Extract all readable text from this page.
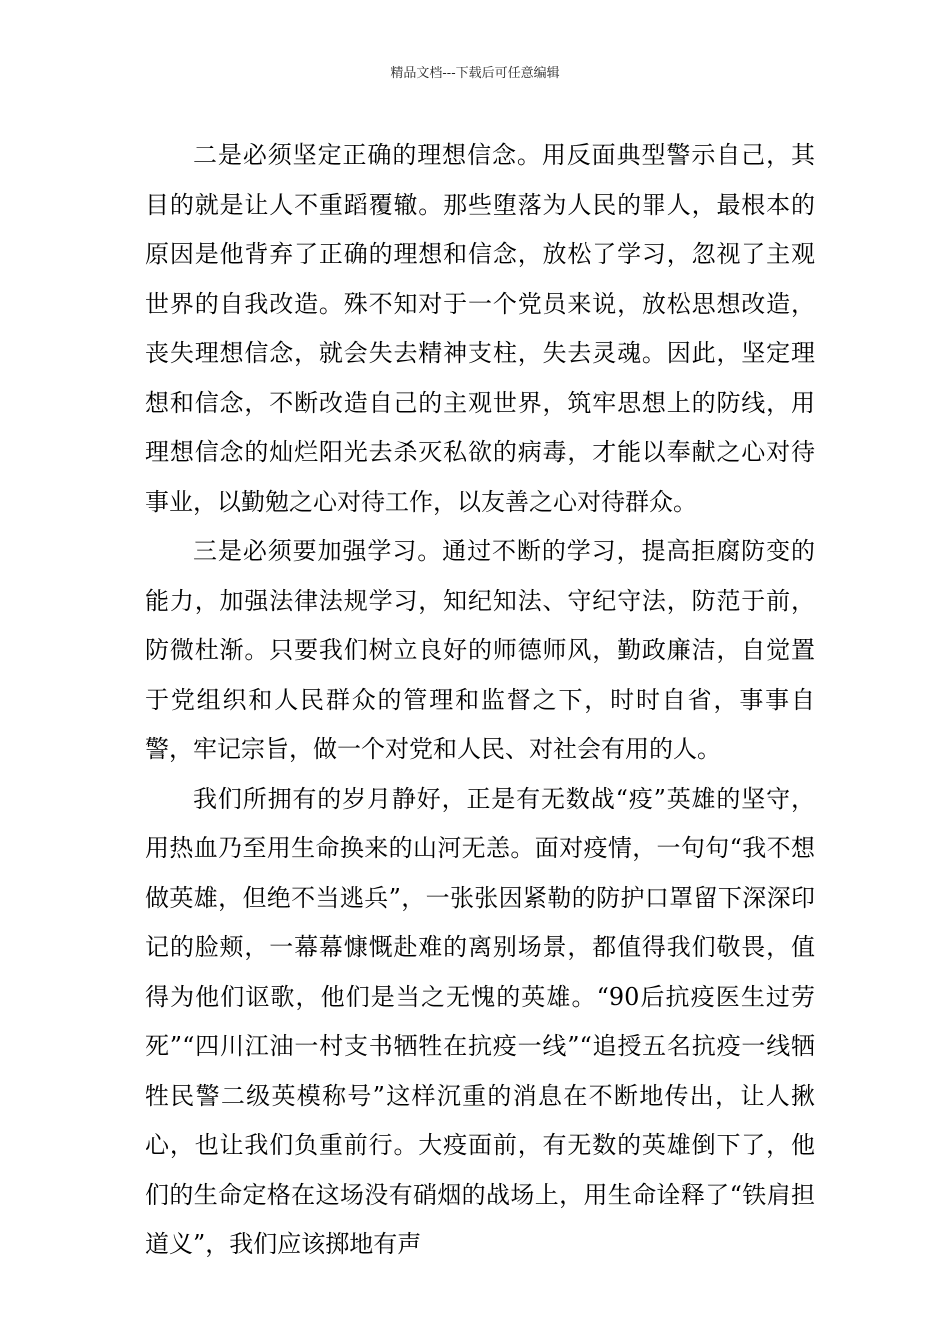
精品文档---下载后可任意编辑

二是必须坚定正确的理想信念。用反面典型警示自己，其目的就是让人不重蹈覆辙。那些堕落为人民的罪人，最根本的原因是他背弃了正确的理想和信念，放松了学习，忽视了主观世界的自我改造。殊不知对于一个党员来说，放松思想改造，丧失理想信念，就会失去精神支柱，失去灵魂。因此，坚定理想和信念，不断改造自己的主观世界，筑牢思想上的防线，用理想信念的灿烂阳光去杀灭私欲的病毒，才能以奉献之心对待事业，以勤勉之心对待工作，以友善之心对待群众。

三是必须要加强学习。通过不断的学习，提高拒腐防变的能力，加强法律法规学习，知纪知法、守纪守法，防范于前，防微杜渐。只要我们树立良好的师德师风，勤政廉洁，自觉置于党组织和人民群众的管理和监督之下，时时自省，事事自警，牢记宗旨，做一个对党和人民、对社会有用的人。

我们所拥有的岁月静好，正是有无数战“疫”英雄的坚守，用热血乃至用生命换来的山河无恙。面对疫情，一句句“我不想做英雄，但绝不当逃兵”，一张张因紧勒的防护口罩留下深深印记的脸颊，一幕幕慷慨赴难的离别场景，都值得我们敬畏，值得为他们讴歌，他们是当之无愧的英雄。“90后抗疫医生过劳死”“四川江油一村支书牺牲在抗疫一线”“追授五名抗疫一线牺牲民警二级英模称号”这样沉重的消息在不断地传出，让人揪心，也让我们负重前行。大疫面前，有无数的英雄倒下了，他们的生命定格在这场没有硝烟的战场上，用生命诠释了“铁肩担道义”，我们应该掷地有声
